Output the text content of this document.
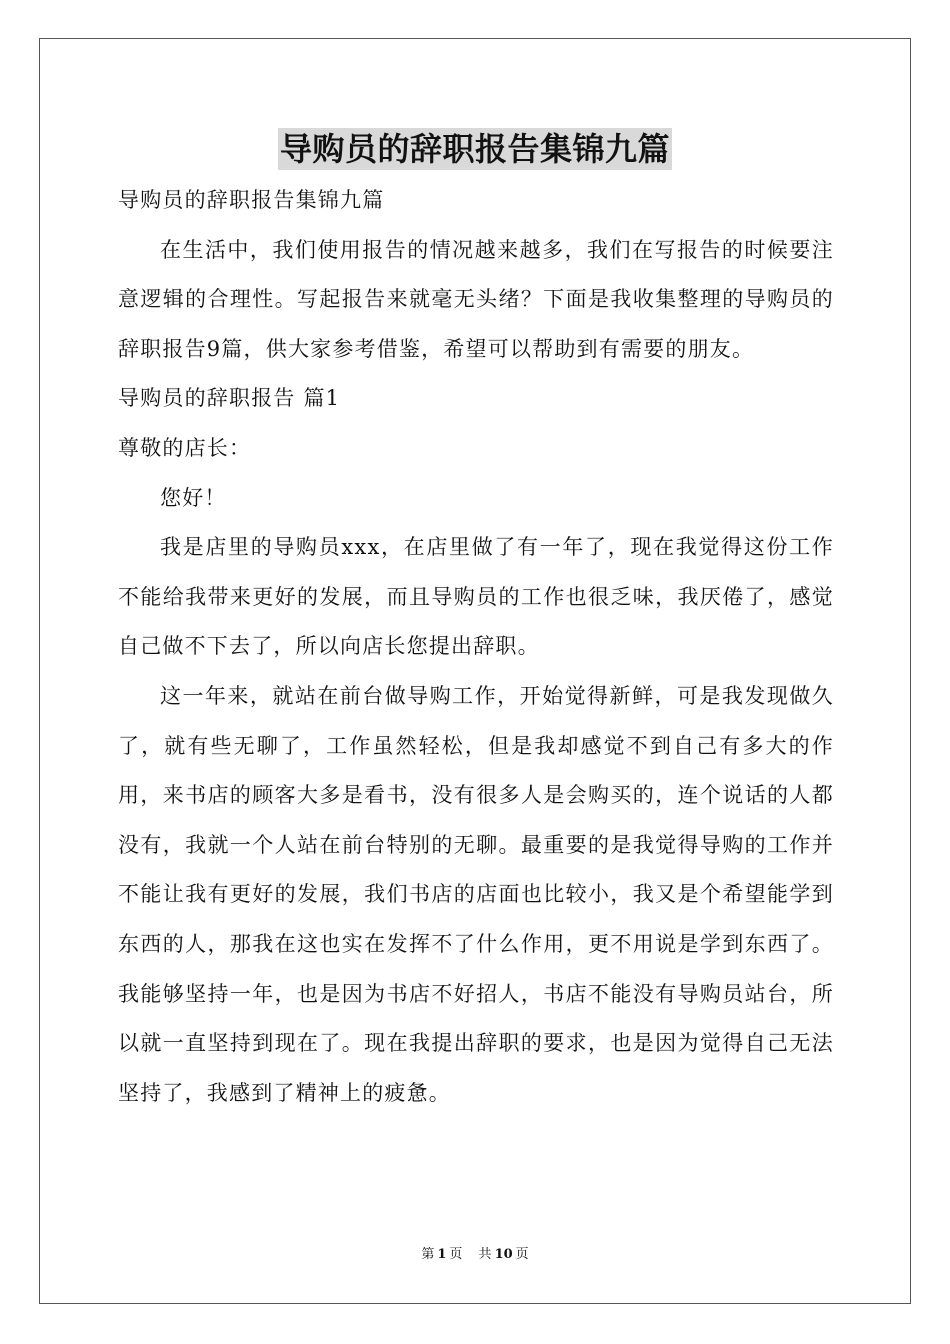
导购员的辞职报告集锦九篇

导购员的辞职报告集锦九篇

在生活中，我们使用报告的情况越来越多，我们在写报告的时候要注意逻辑的合理性。写起报告来就毫无头绪？下面是我收集整理的导购员的辞职报告9篇，供大家参考借鉴，希望可以帮助到有需要的朋友。

导购员的辞职报告 篇1

尊敬的店长：

您好！

我是店里的导购员xxx，在店里做了有一年了，现在我觉得这份工作不能给我带来更好的发展，而且导购员的工作也很乏味，我厌倦了，感觉自己做不下去了，所以向店长您提出辞职。

这一年来，就站在前台做导购工作，开始觉得新鲜，可是我发现做久了，就有些无聊了，工作虽然轻松，但是我却感觉不到自己有多大的作用，来书店的顾客大多是看书，没有很多人是会购买的，连个说话的人都没有，我就一个人站在前台特别的无聊。最重要的是我觉得导购的工作并不能让我有更好的发展，我们书店的店面也比较小，我又是个希望能学到东西的人，那我在这也实在发挥不了什么作用，更不用说是学到东西了。我能够坚持一年，也是因为书店不好招人，书店不能没有导购员站台，所以就一直坚持到现在了。现在我提出辞职的要求，也是因为觉得自己无法坚持了，我感到了精神上的疲惫。

第 1 页 共 10 页
